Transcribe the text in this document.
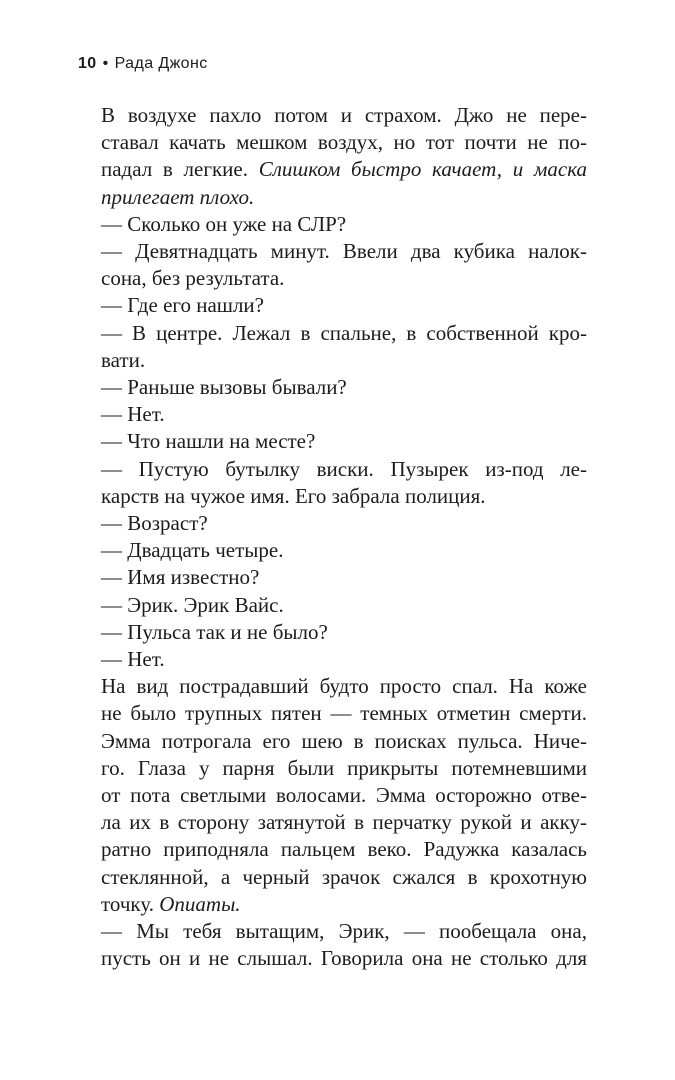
10 • Рада Джонс
В воздухе пахло потом и страхом. Джо не пере-
ставал качать мешком воздух, но тот почти не по-
падал в легкие. Слишком быстро качает, и маска
прилегает плохо.
— Сколько он уже на СЛР?
— Девятнадцать минут. Ввели два кубика налок-
сона, без результата.
— Где его нашли?
— В центре. Лежал в спальне, в собственной кро-
вати.
— Раньше вызовы бывали?
— Нет.
— Что нашли на месте?
— Пустую бутылку виски. Пузырек из-под ле-
карств на чужое имя. Его забрала полиция.
— Возраст?
— Двадцать четыре.
— Имя известно?
— Эрик. Эрик Вайс.
— Пульса так и не было?
— Нет.
На вид пострадавший будто просто спал. На коже
не было трупных пятен — темных отметин смерти.
Эмма потрогала его шею в поисках пульса. Ниче-
го. Глаза у парня были прикрыты потемневшими
от пота светлыми волосами. Эмма осторожно отве-
ла их в сторону затянутой в перчатку рукой и акку-
ратно приподняла пальцем веко. Радужка казалась
стеклянной, а черный зрачок сжался в крохотную
точку. Опиаты.
— Мы тебя вытащим, Эрик, — пообещала она,
пусть он и не слышал. Говорила она не столько для
